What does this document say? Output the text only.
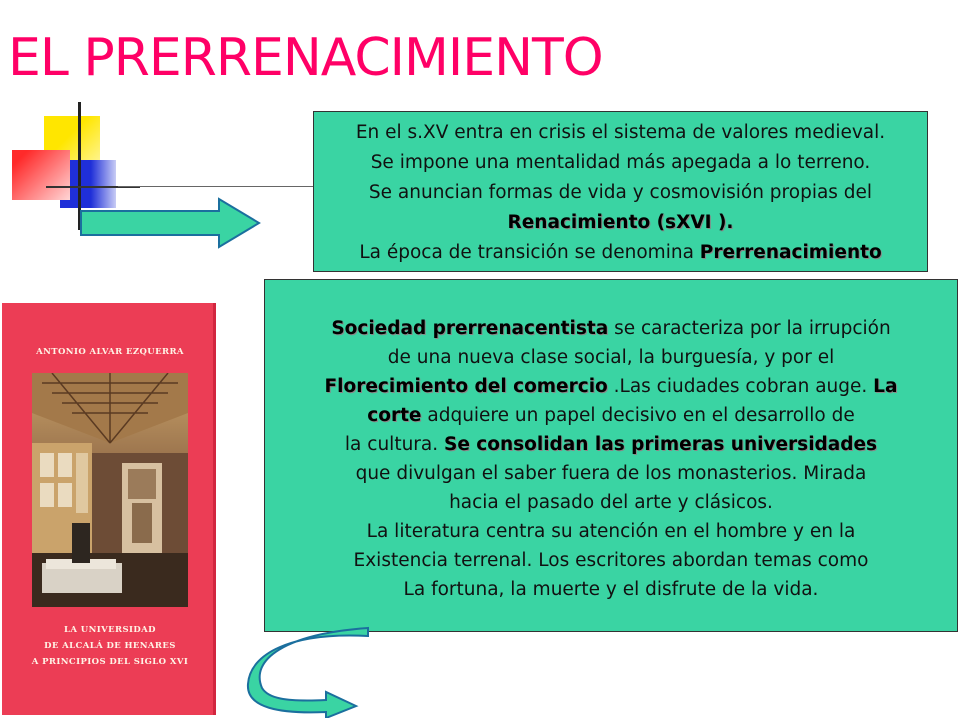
EL PRERRENACIMIENTO
En el s.XV entra en crisis el sistema de valores medieval.
Se impone una mentalidad más apegada a lo terreno.
Se anuncian formas de vida y cosmovisión propias del
Renacimiento (sXVI ).
La época de transición se denomina Prerrenacimiento
ANTONIO ALVAR EZQUERRA
LA UNIVERSIDAD
DE ALCALÁ DE HENARES
A PRINCIPIOS DEL SIGLO XVI
Sociedad prerrenacentista se caracteriza por la irrupción
de una nueva clase social, la burguesía, y por el
Florecimiento del comercio .Las ciudades cobran auge. La
corte adquiere un papel decisivo en el desarrollo de
la cultura. Se consolidan las primeras universidades
que divulgan el saber fuera de los monasterios. Mirada
hacia el pasado del arte y clásicos.
La literatura centra su atención en el hombre y en la
Existencia terrenal. Los escritores abordan temas como
La fortuna, la muerte y el disfrute de la vida.
